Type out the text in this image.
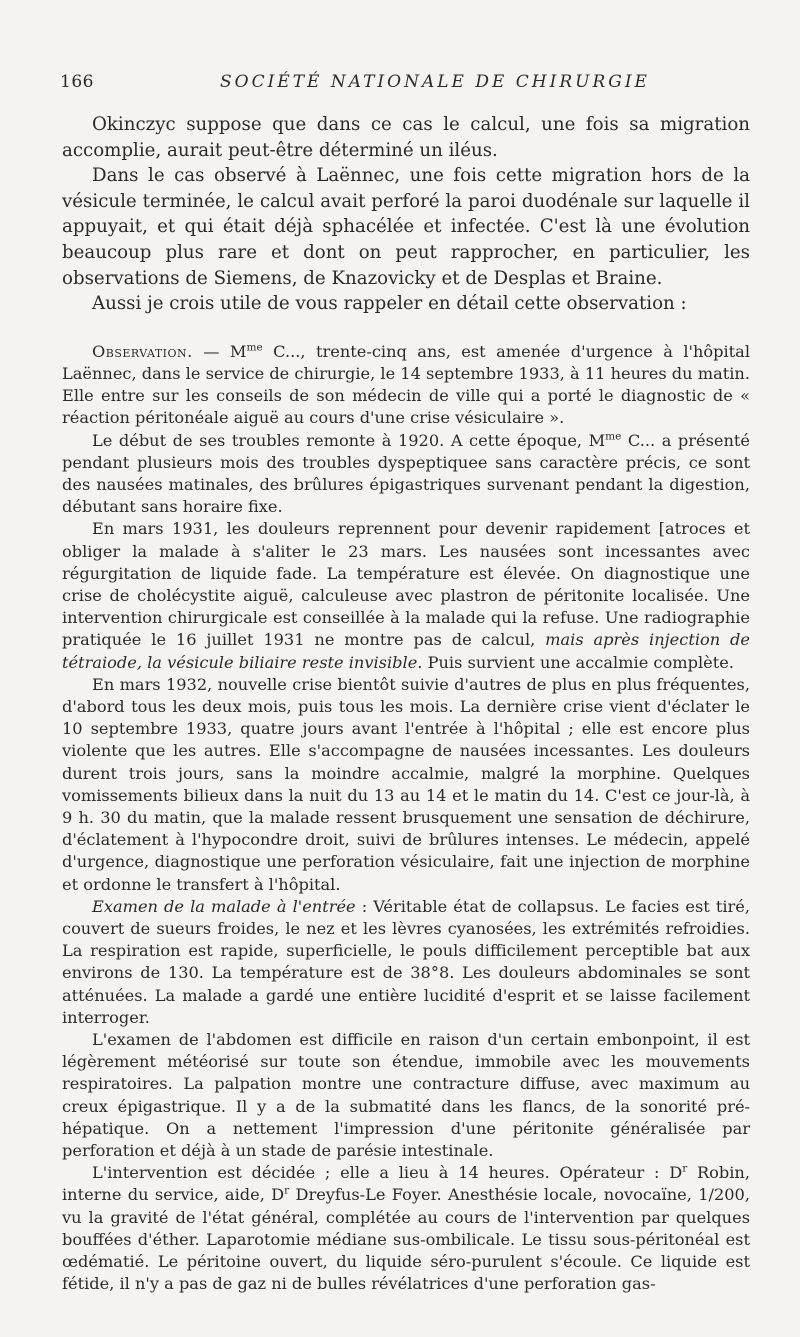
166	SOCIÉTÉ NATIONALE DE CHIRURGIE

Okinczyc suppose que dans ce cas le calcul, une fois sa migration accomplie, aurait peut-être déterminé un iléus.

Dans le cas observé à Laënnec, une fois cette migration hors de la vésicule terminée, le calcul avait perforé la paroi duodénale sur laquelle il appuyait, et qui était déjà sphacélée et infectée. C'est là une évolution beaucoup plus rare et dont on peut rapprocher, en particulier, les observations de Siemens, de Knazovicky et de Desplas et Braine.

Aussi je crois utile de vous rappeler en détail cette observation :

Observation. — $M^{me}$ C..., trente-cinq ans, est amenée d'urgence à l'hôpital Laënnec, dans le service de chirurgie, le 14 septembre 1933, à 11 heures du matin. Elle entre sur les conseils de son médecin de ville qui a porté le diagnostic de « réaction péritonéale aiguë au cours d'une crise vésiculaire ».

Le début de ses troubles remonte à 1920. A cette époque, $M^{me}$ C... a présenté pendant plusieurs mois des troubles dyspeptiquee sans caractère précis, ce sont des nausées matinales, des brûlures épigastriques survenant pendant la digestion, débutant sans horaire fixe.

En mars 1931, les douleurs reprennent pour devenir rapidement [atroces et obliger la malade à s'aliter le 23 mars. Les nausées sont incessantes avec régurgitation de liquide fade. La température est élevée. On diagnostique une crise de cholécystite aiguë, calculeuse avec plastron de péritonite localisée. Une intervention chirurgicale est conseillée à la malade qui la refuse. Une radiographie pratiquée le 16 juillet 1931 ne montre pas de calcul, mais après injection de tétraiode, la vésicule biliaire reste invisible. Puis survient une accalmie complète.

En mars 1932, nouvelle crise bientôt suivie d'autres de plus en plus fréquentes, d'abord tous les deux mois, puis tous les mois. La dernière crise vient d'éclater le 10 septembre 1933, quatre jours avant l'entrée à l'hôpital ; elle est encore plus violente que les autres. Elle s'accompagne de nausées incessantes. Les douleurs durent trois jours, sans la moindre accalmie, malgré la morphine. Quelques vomissements bilieux dans la nuit du 13 au 14 et le matin du 14. C'est ce jour-là, à 9 h. 30 du matin, que la malade ressent brusquement une sensation de déchirure, d'éclatement à l'hypocondre droit, suivi de brûlures intenses. Le médecin, appelé d'urgence, diagnostique une perforation vésiculaire, fait une injection de morphine et ordonne le transfert à l'hôpital.

Examen de la malade à l'entrée : Véritable état de collapsus. Le facies est tiré, couvert de sueurs froides, le nez et les lèvres cyanosées, les extrémités refroidies. La respiration est rapide, superficielle, le pouls difficilement perceptible bat aux environs de 130. La température est de 38°8. Les douleurs abdominales se sont atténuées. La malade a gardé une entière lucidité d'esprit et se laisse facilement interroger.

L'examen de l'abdomen est difficile en raison d'un certain embonpoint, il est légèrement météorisé sur toute son étendue, immobile avec les mouvements respiratoires. La palpation montre une contracture diffuse, avec maximum au creux épigastrique. Il y a de la submatité dans les flancs, de la sonorité pré-hépatique. On a nettement l'impression d'une péritonite généralisée par perforation et déjà à un stade de parésie intestinale.

L'intervention est décidée ; elle a lieu à 14 heures. Opérateur : $D^r$ Robin, interne du service, aide, $D^r$ Dreyfus-Le Foyer. Anesthésie locale, novocaïne, 1/200, vu la gravité de l'état général, complétée au cours de l'intervention par quelques bouffées d'éther. Laparotomie médiane sus-ombilicale. Le tissu sous-péritonéal est œdématié. Le péritoine ouvert, du liquide séro-purulent s'écoule. Ce liquide est fétide, il n'y a pas de gaz ni de bulles révélatrices d'une perforation gas-
